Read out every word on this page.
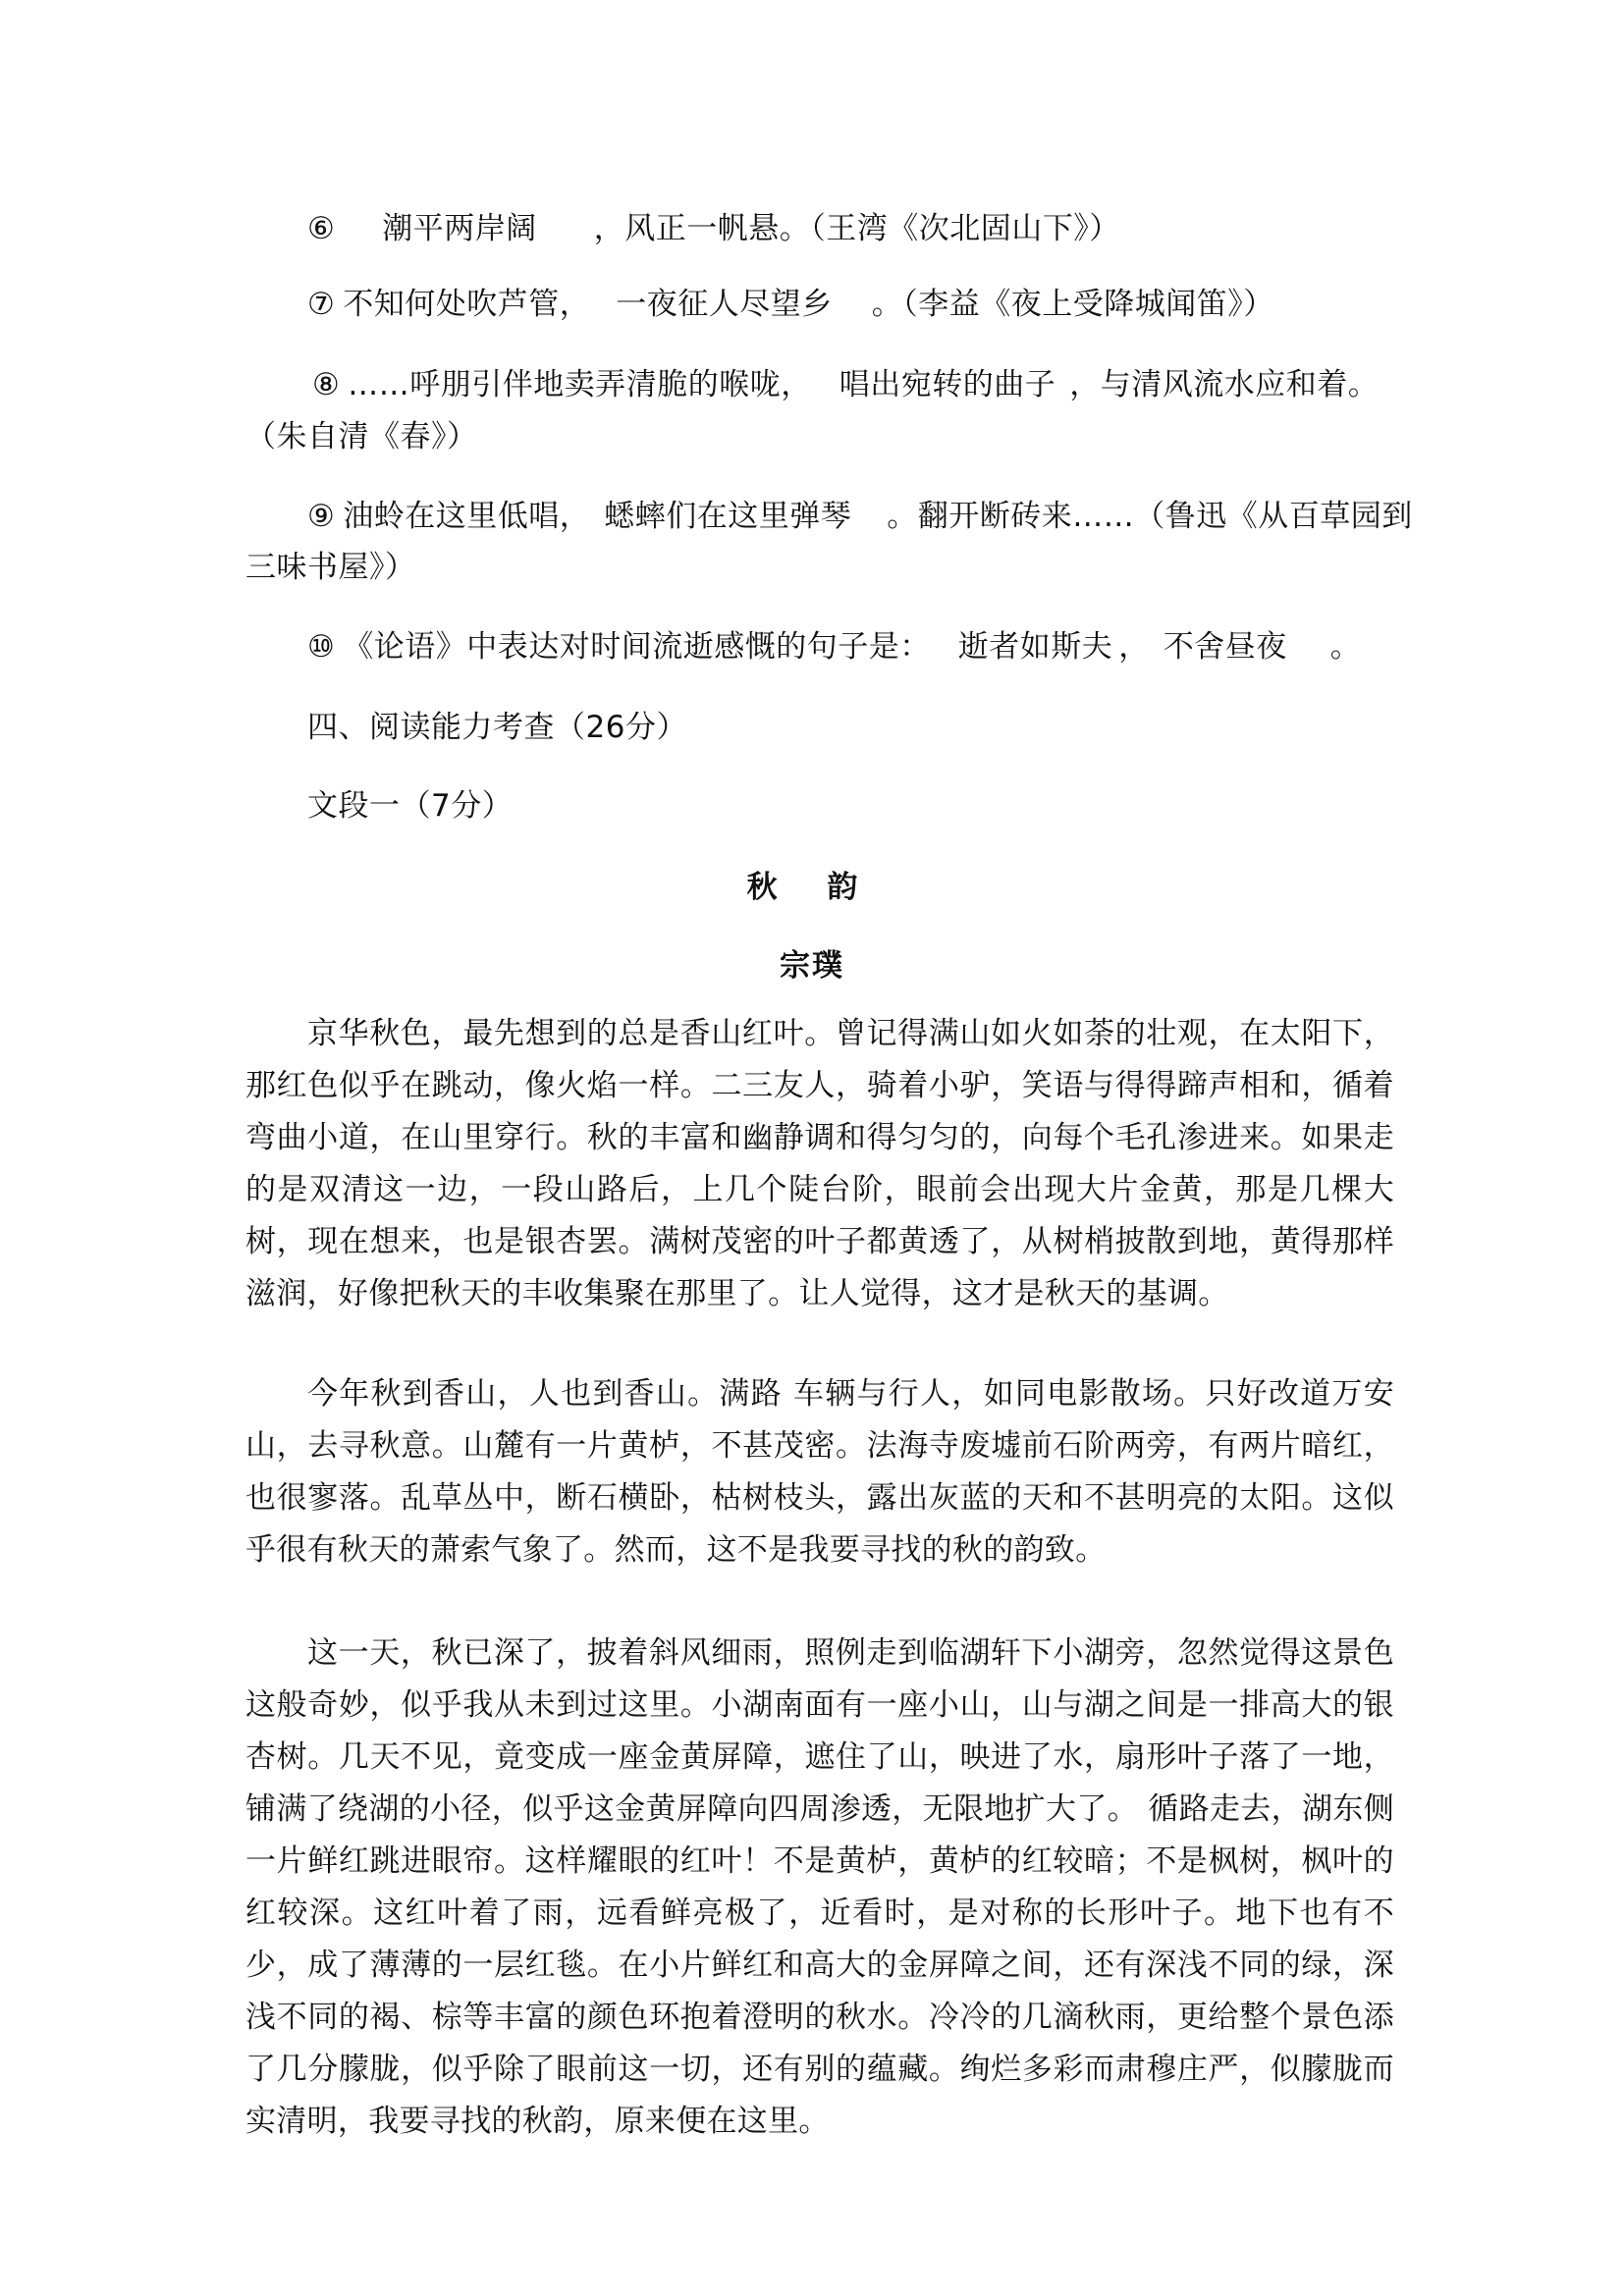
⑥ 潮平两岸阔 ，风正一帆悬。（王湾《次北固山下》）
⑦ 不知何处吹芦管， 一夜征人尽望乡 。（李益《夜上受降城闻笛》）
⑧ ……呼朋引伴地卖弄清脆的喉咙， 唱出宛转的曲子 ，与清风流水应和着。
（朱自清《春》）
⑨ 油蛉在这里低唱， 蟋蟀们在这里弹琴 。翻开断砖来……（鲁迅《从百草园到
三味书屋》）
⑩ 《论语》中表达对时间流逝感慨的句子是： 逝者如斯夫 ， 不舍昼夜 。
四、阅读能力考查（26分）
文段一（7分）
秋 韵
宗璞

京华秋色，最先想到的总是香山红叶。曾记得满山如火如荼的壮观，在太阳下，那红色似乎在跳动，像火焰一样。二三友人，骑着小驴，笑语与得得蹄声相和，循着弯曲小道，在山里穿行。秋的丰富和幽静调和得匀匀的，向每个毛孔渗进来。如果走的是双清这一边，一段山路后，上几个陡台阶，眼前会出现大片金黄，那是几棵大树，现在想来，也是银杏罢。满树茂密的叶子都黄透了，从树梢披散到地，黄得那样滋润，好像把秋天的丰收集聚在那里了。让人觉得，这才是秋天的基调。

今年秋到香山，人也到香山。满路 车辆与行人，如同电影散场。只好改道万安山，去寻秋意。山麓有一片黄栌，不甚茂密。法海寺废墟前石阶两旁，有两片暗红，也很寥落。乱草丛中，断石横卧，枯树枝头，露出灰蓝的天和不甚明亮的太阳。这似乎很有秋天的萧索气象了。然而，这不是我要寻找的秋的韵致。

这一天，秋已深了，披着斜风细雨，照例走到临湖轩下小湖旁，忽然觉得这景色这般奇妙，似乎我从未到过这里。小湖南面有一座小山，山与湖之间是一排高大的银杏树。几天不见，竟变成一座金黄屏障，遮住了山，映进了水，扇形叶子落了一地，铺满了绕湖的小径，似乎这金黄屏障向四周渗透，无限地扩大了。 循路走去，湖东侧一片鲜红跳进眼帘。这样耀眼的红叶！不是黄栌，黄栌的红较暗；不是枫树，枫叶的红较深。这红叶着了雨，远看鲜亮极了，近看时，是对称的长形叶子。地下也有不少，成了薄薄的一层红毯。在小片鲜红和高大的金屏障之间，还有深浅不同的绿，深浅不同的褐、棕等丰富的颜色环抱着澄明的秋水。冷冷的几滴秋雨，更给整个景色添了几分朦胧，似乎除了眼前这一切，还有别的蕴藏。绚烂多彩而肃穆庄严，似朦胧而实清明，我要寻找的秋韵，原来便在这里。
